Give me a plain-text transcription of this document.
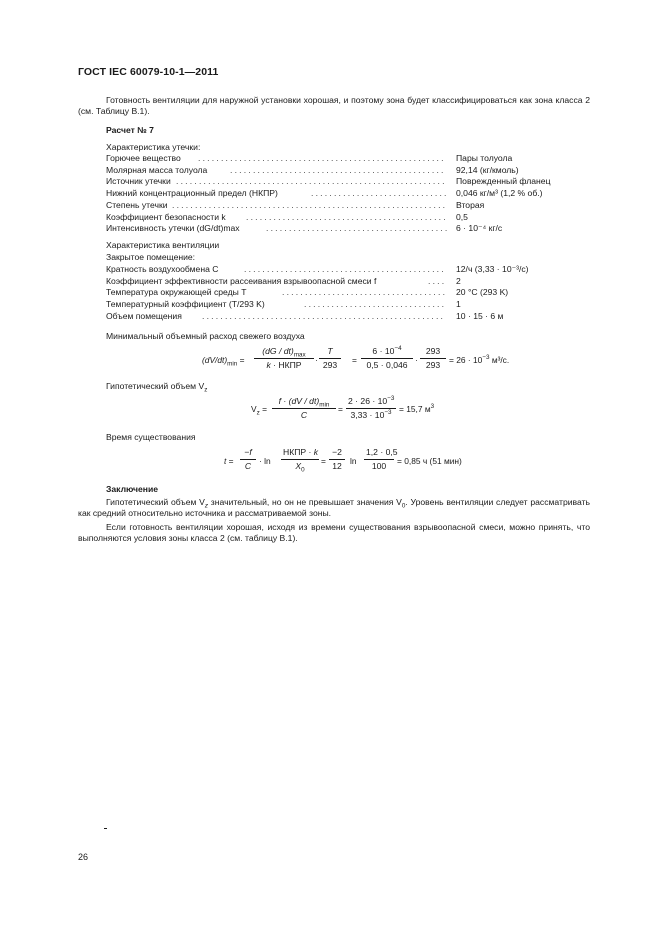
ГОСТ IEC 60079-10-1—2011

Готовность вентиляции для наружной установки хорошая, и поэтому зона будет классифицироваться как зона класса 2 (см. Таблицу В.1).

Расчет № 7
Характеристика утечки:
Горючее вещество ...................................................... Пары толуола
Молярная масса толуола	............................................... 92,14 (кг/кмоль)
Источник утечки ........................................................... Поврежденный фланец
Нижний концентрационный предел (НКПР)	.............................. 0,046 кг/м³ (1,2 % об.)
Степень утечки ............................................................ Вторая
Коэффициент безопасности k ............................................ 0,5
Интенсивность утечки (dG/dt)max	........................................ 6 · 10⁻⁴ кг/с
Характеристика вентиляции
Закрытое помещение:
Кратность воздухообмена C	............................................ 12/ч (3,33 · 10⁻³/с)
Коэффициент эффективности рассеивания взрывоопасной смеси f	.... 2
Температура окружающей среды T	.................................... 20 °C (293 K)
Температурный коэффициент (T/293 K)	............................... 1
Объем помещения ..................................................... 10 · 15 · 6 м
Минимальный объемный расход свежего воздуха
$(dV/dt)_{min}$ =
$(dG / dt)_{max}$
k · НКПР
·
T
293
=
$6 \cdot 10^{-4}$
0,5 · 0,046
·
293
293
= $26 \cdot 10^{-3}$ м³/с.
Гипотетический объем $V_z$
$V_z$ =
$f \cdot (dV / dt)_{min}$
C
=
$2 \cdot 26 \cdot 10^{-3}$
$3,33 \cdot 10^{-3} = 15,7$ $м^3$
Время существования
t =
−f
C
· ln
НКПР · k
$X_0$
=
−2
12
ln
1,2 · 0,5
100
= 0,85 ч (51 мин)
Заключение

Гипотетический объем $V_z$ значительный, но он не превышает значения $V_0$. Уровень вентиляции следует рассматривать как средний относительно источника и рассматриваемой зоны.

Если готовность вентиляции хорошая, исходя из времени существования взрывоопасной смеси, можно принять, что выполняются условия зоны класса 2 (см. таблицу В.1).

26
